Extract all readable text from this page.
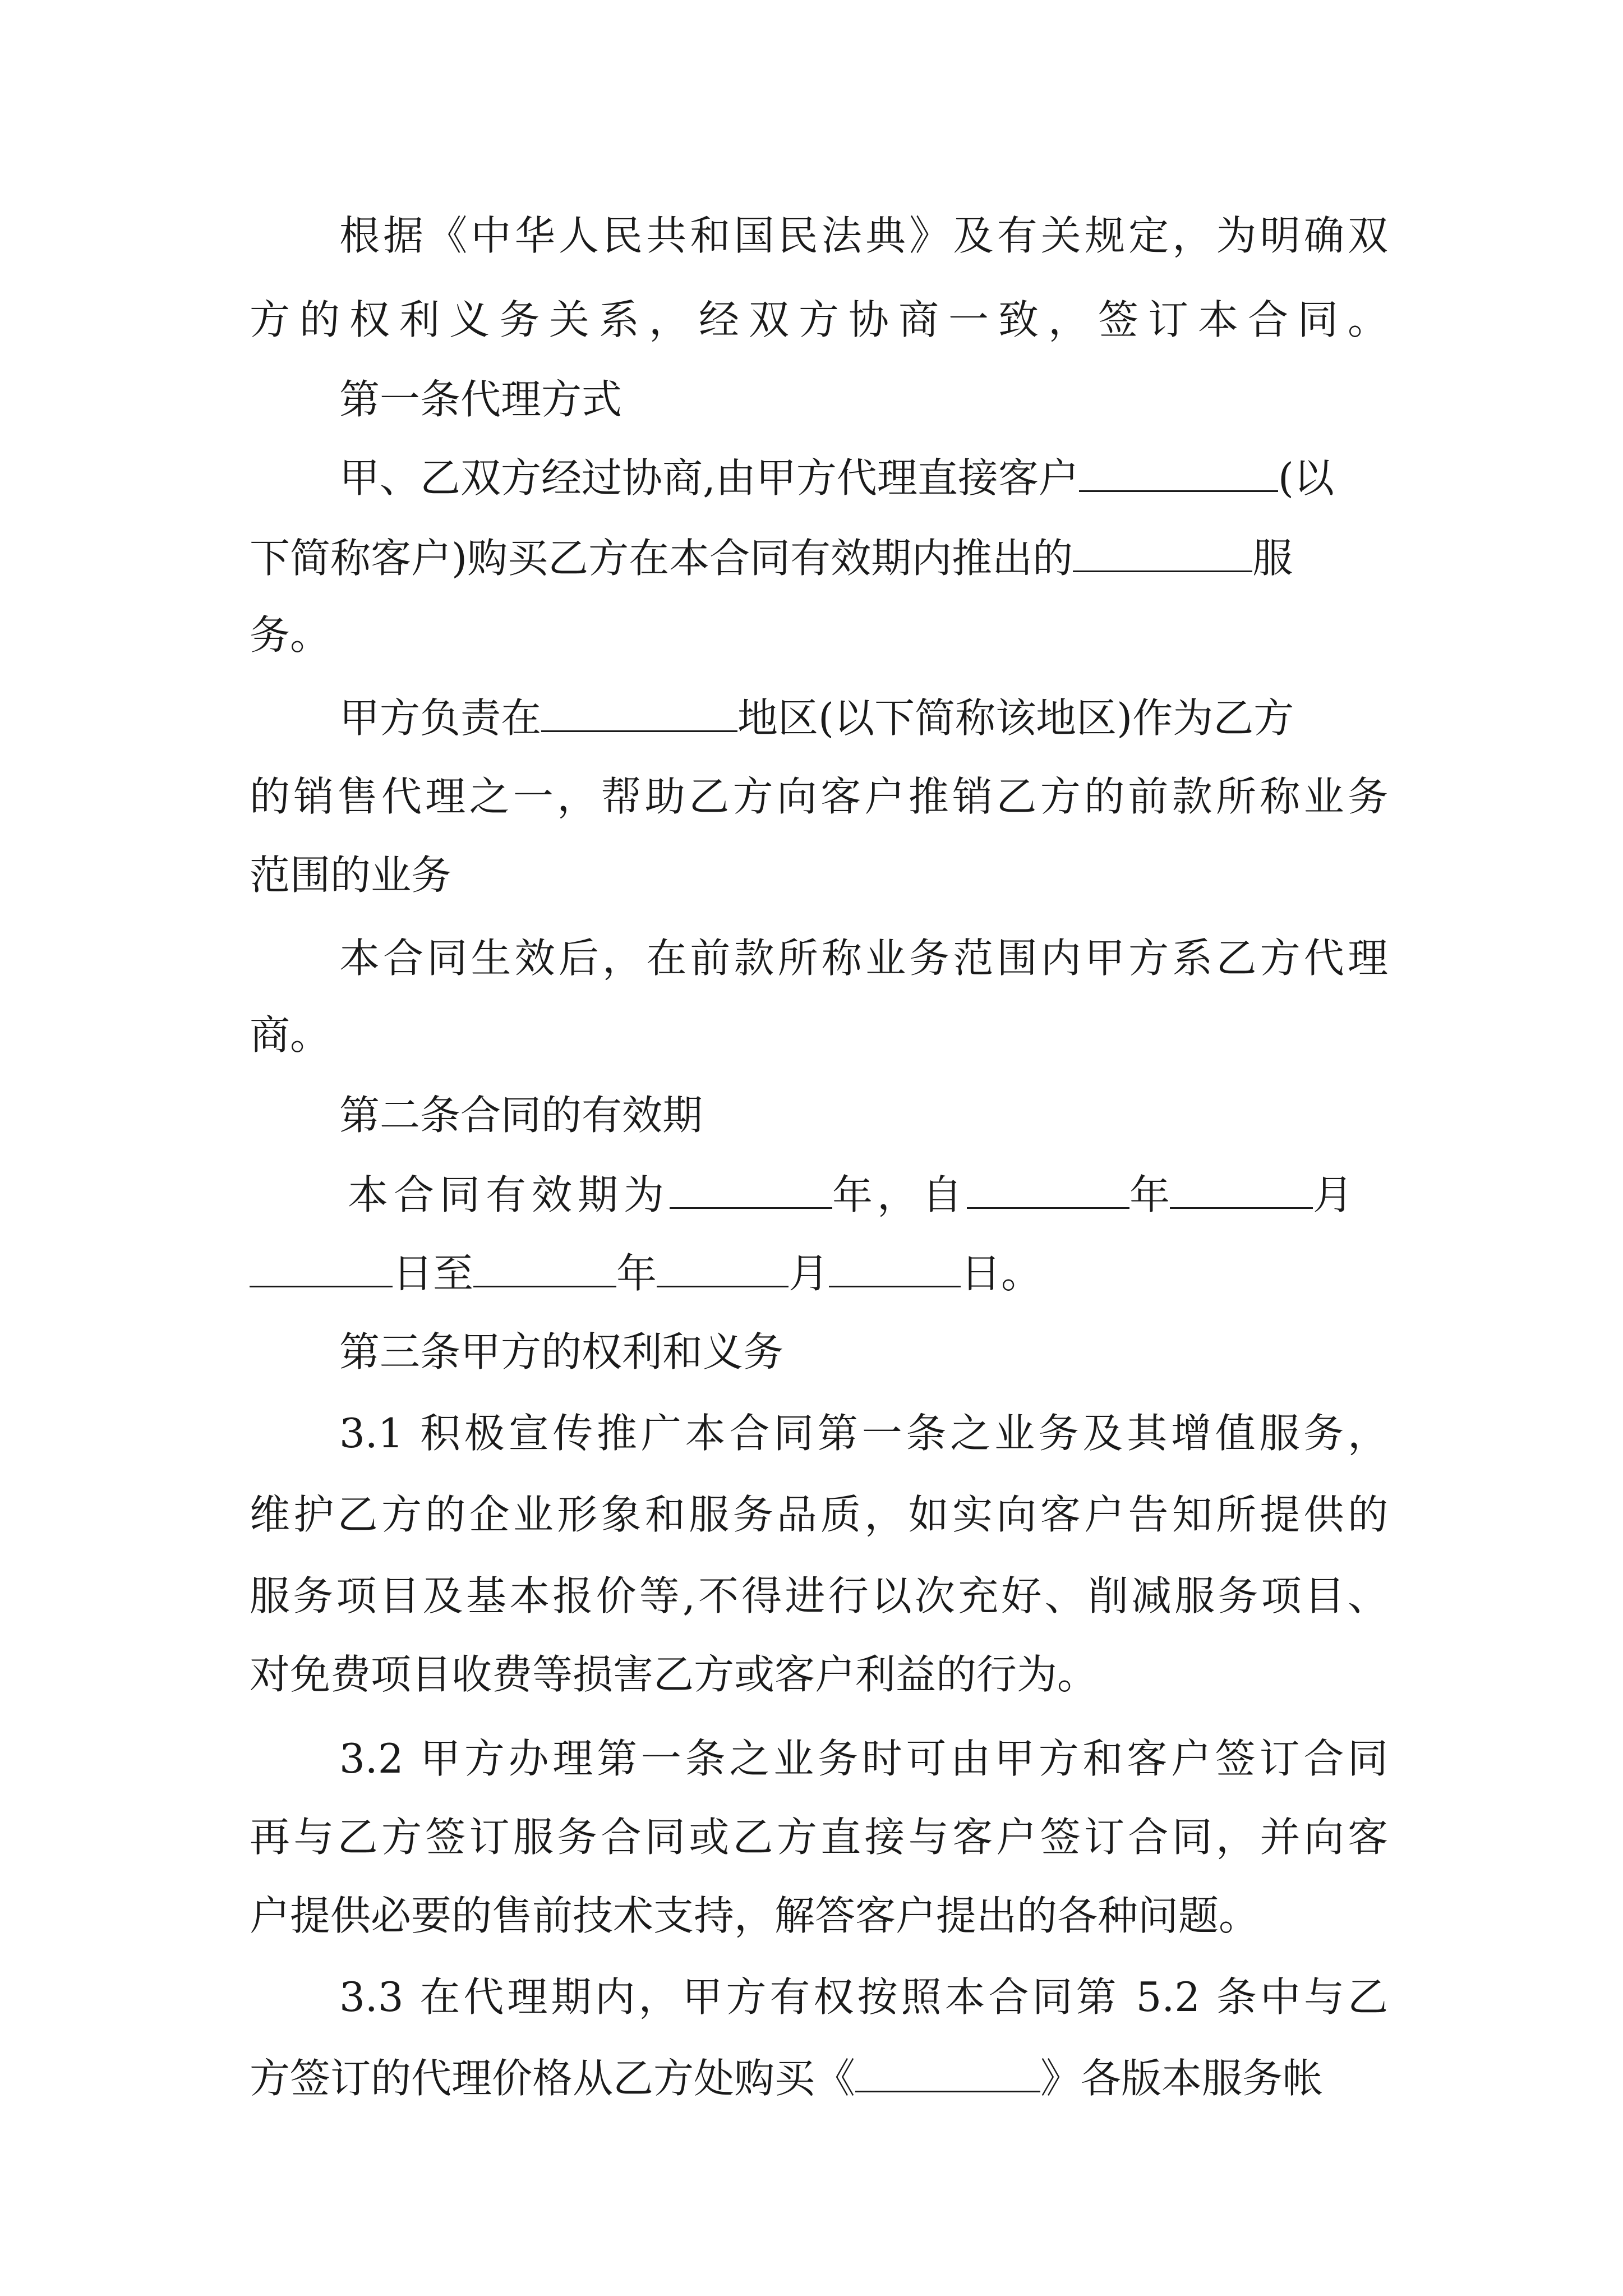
根据《中华人民共和国民法典》及有关规定，为明确双
方的权利义务关系，经双方协商一致，签订本合同。
第一条代理方式
甲、乙双方经过协商,由甲方代理直接客户	(以
下简称客户)购买乙方在本合同有效期内推出的	服
务。
甲方负责在	地区(以下简称该地区)作为乙方
的销售代理之一，帮助乙方向客户推销乙方的前款所称业务
范围的业务
本合同生效后，在前款所称业务范围内甲方系乙方代理
商。
第二条合同的有效期
本合同有效期为	年，自	年	月
日至	年	月	日。
第三条甲方的权利和义务
3.1 积极宣传推广本合同第一条之业务及其增值服务，
维护乙方的企业形象和服务品质，如实向客户告知所提供的
服务项目及基本报价等,不得进行以次充好、削减服务项目、
对免费项目收费等损害乙方或客户利益的行为。
3.2 甲方办理第一条之业务时可由甲方和客户签订合同
再与乙方签订服务合同或乙方直接与客户签订合同，并向客
户提供必要的售前技术支持，解答客户提出的各种问题。
3.3 在代理期内，甲方有权按照本合同第 5.2 条中与乙
方签订的代理价格从乙方处购买《	》各版本服务帐
